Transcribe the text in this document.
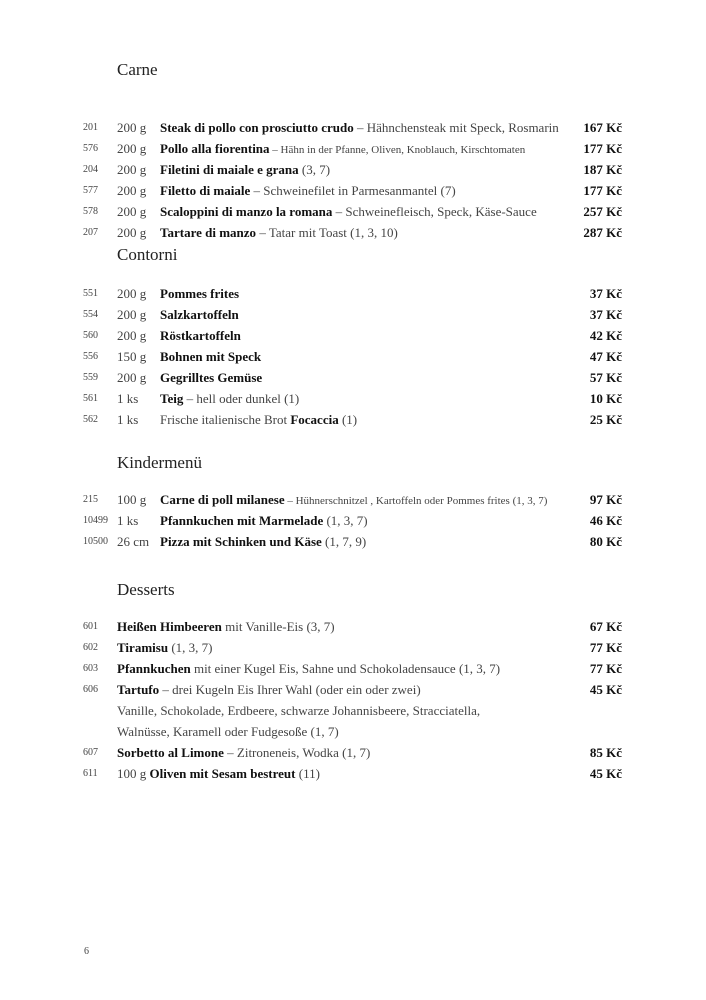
Carne
201 200 g Steak di pollo con prosciutto crudo – Hähnchensteak mit Speck, Rosmarin 167 Kč
576 200 g Pollo alla fiorentina – Hähn in der Pfanne, Oliven, Knoblauch, Kirschtomaten	177 Kč
204 200 g Filetini di maiale e grana (3, 7)	187 Kč
577 200 g Filetto di maiale – Schweinefilet in Parmesanmantel (7)	177 Kč
578 200 g Scaloppini di manzo la romana – Schweinefleisch, Speck, Käse-Sauce	257 Kč
207 200 g Tartare di manzo – Tatar mit Toast (1, 3, 10)	287 Kč
Contorni
551 200 g Pommes frites	37 Kč
554 200 g Salzkartoffeln	37 Kč
560 200 g Röstkartoffeln	42 Kč
556 150 g Bohnen mit Speck	47 Kč
559 200 g Gegrilltes Gemüse	57 Kč
561 1 ks Teig – hell oder dunkel (1)	10 Kč
562 1 ks Frische italienische Brot Focaccia (1)	25 Kč
Kindermenü
215 100 g Carne di poll milanese – Hühnerschnitzel , Kartoffeln oder Pommes frites (1, 3, 7)	97 Kč
10499 1 ks Pfannkuchen mit Marmelade (1, 3, 7)	46 Kč
10500 26 cm Pizza mit Schinken und Käse (1, 7, 9)	80 Kč
Desserts
601 Heißen Himbeeren mit Vanille-Eis (3, 7)	67 Kč
602 Tiramisu (1, 3, 7)	77 Kč
603 Pfannkuchen mit einer Kugel Eis, Sahne und Schokoladensauce (1, 3, 7)	77 Kč
606 Tartufo – drei Kugeln Eis Ihrer Wahl (oder ein oder zwei)	45 Kč
Vanille, Schokolade, Erdbeere, schwarze Johannisbeere, Stracciatella,
Walnüsse, Karamell oder Fudgesoße (1, 7)
607 Sorbetto al Limone – Zitroneneis, Wodka (1, 7)	85 Kč
611 100 g Oliven mit Sesam bestreut (11)	45 Kč
6
